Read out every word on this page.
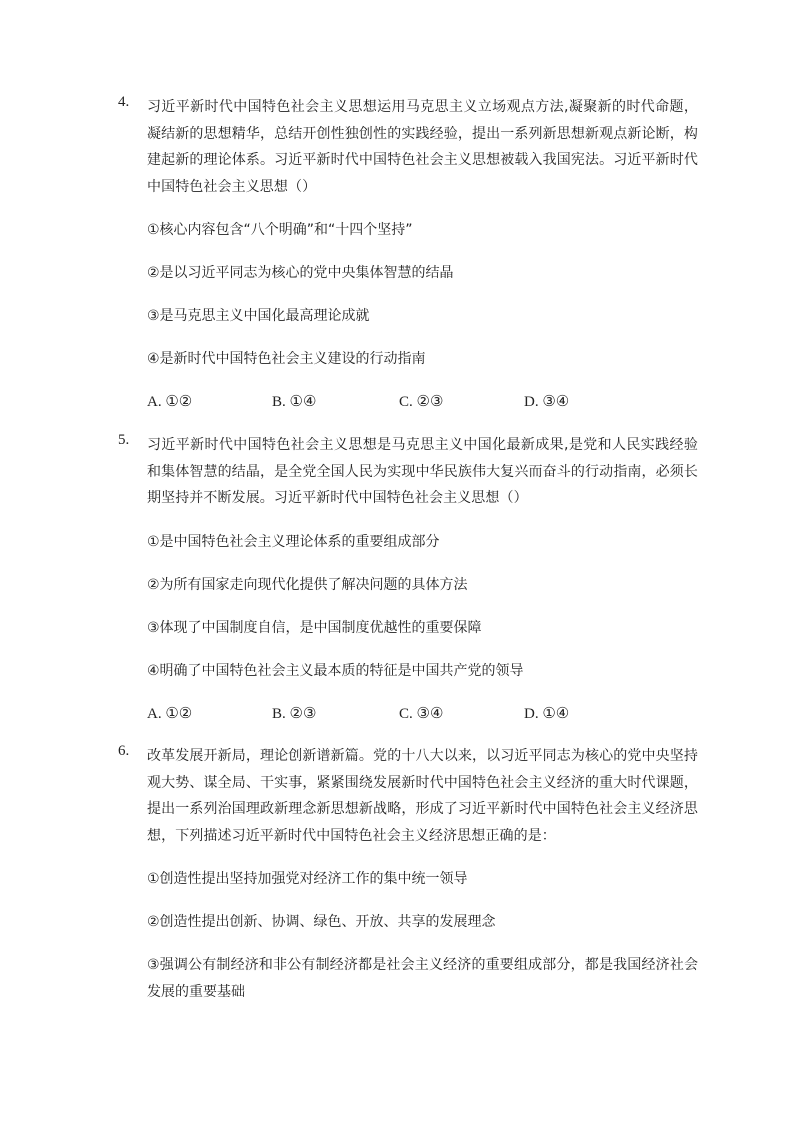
4.	习近平新时代中国特色社会主义思想运用马克思主义立场观点方法,凝聚新的时代命题，凝结新的思想精华，总结开创性独创性的实践经验，提出一系列新思想新观点新论断，构建起新的理论体系。习近平新时代中国特色社会主义思想被载入我国宪法。习近平新时代中国特色社会主义思想（）
①核心内容包含“八个明确”和“十四个坚持”
②是以习近平同志为核心的党中央集体智慧的结晶
③是马克思主义中国化最高理论成就
④是新时代中国特色社会主义建设的行动指南
A. ①②	B. ①④	C. ②③	D. ③④
5.	习近平新时代中国特色社会主义思想是马克思主义中国化最新成果,是党和人民实践经验和集体智慧的结晶，是全党全国人民为实现中华民族伟大复兴而奋斗的行动指南，必须长期坚持并不断发展。习近平新时代中国特色社会主义思想（）
①是中国特色社会主义理论体系的重要组成部分
②为所有国家走向现代化提供了解决问题的具体方法
③体现了中国制度自信，是中国制度优越性的重要保障
④明确了中国特色社会主义最本质的特征是中国共产党的领导
A. ①②	B. ②③	C. ③④	D. ①④
6.	改革发展开新局，理论创新谱新篇。党的十八大以来，以习近平同志为核心的党中央坚持观大势、谋全局、干实事，紧紧围绕发展新时代中国特色社会主义经济的重大时代课题，提出一系列治国理政新理念新思想新战略，形成了习近平新时代中国特色社会主义经济思想，下列描述习近平新时代中国特色社会主义经济思想正确的是：
①创造性提出坚持加强党对经济工作的集中统一领导
②创造性提出创新、协调、绿色、开放、共享的发展理念
③强调公有制经济和非公有制经济都是社会主义经济的重要组成部分，都是我国经济社会发展的重要基础
